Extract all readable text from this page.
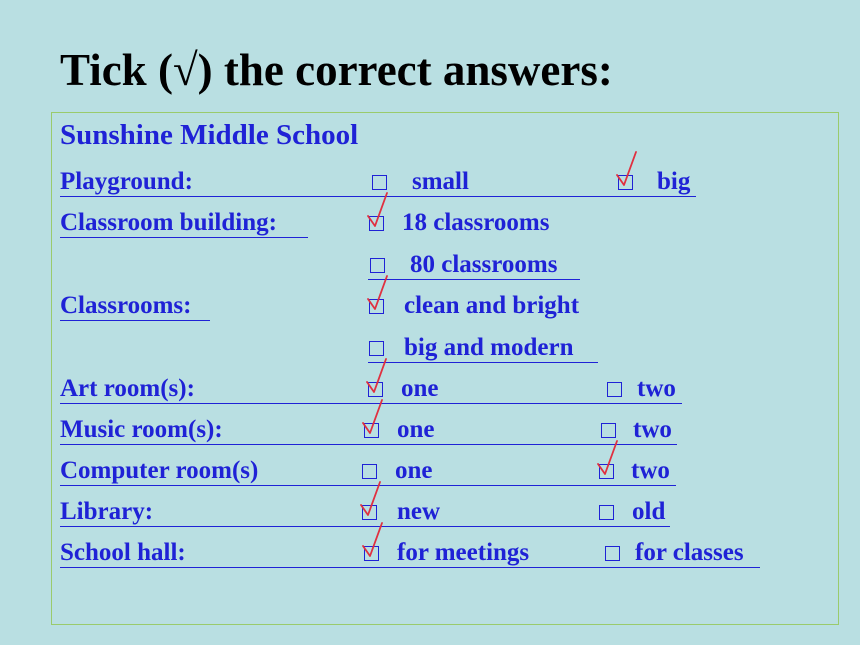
Tick (√) the correct answers:
Sunshine Middle School
Playground:	small	big
Classroom building:	18 classrooms
80 classrooms
Classrooms:	clean and bright
big and modern
Art room(s):	one	two
Music room(s):	one	two
Computer room(s)	one	two
Library:	new	old
School hall:	for meetings	for classes
